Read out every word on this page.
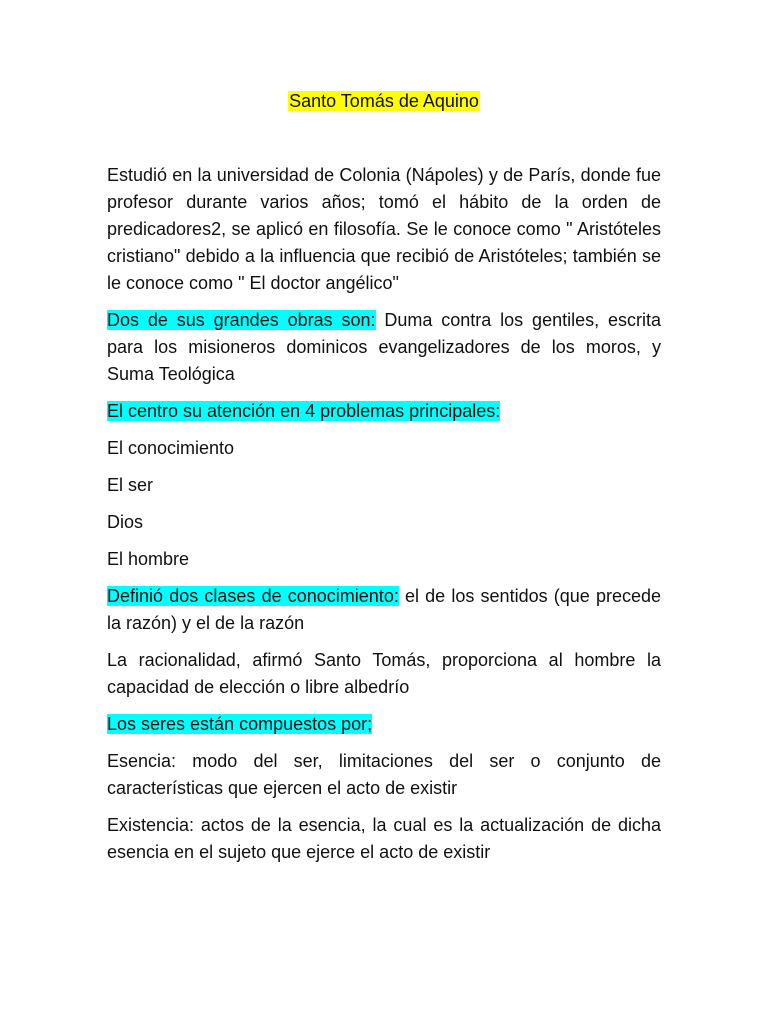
Santo Tomás de Aquino

Estudió en la universidad de Colonia (Nápoles) y de París, donde fue profesor durante varios años; tomó el hábito de la orden de predicadores2, se aplicó en filosofía. Se le conoce como " Aristóteles cristiano" debido a la influencia que recibió de Aristóteles; también se le conoce como " El doctor angélico"

Dos de sus grandes obras son: Duma contra los gentiles, escrita para los misioneros dominicos evangelizadores de los moros, y Suma Teológica

El centro su atención en 4 problemas principales:

El conocimiento

El ser

Dios

El hombre

Definió dos clases de conocimiento: el de los sentidos (que precede la razón) y el de la razón

La racionalidad, afirmó Santo Tomás, proporciona al hombre la capacidad de elección o libre albedrío

Los seres están compuestos por;

Esencia: modo del ser, limitaciones del ser o conjunto de características que ejercen el acto de existir

Existencia: actos de la esencia, la cual es la actualización de dicha esencia en el sujeto que ejerce el acto de existir
